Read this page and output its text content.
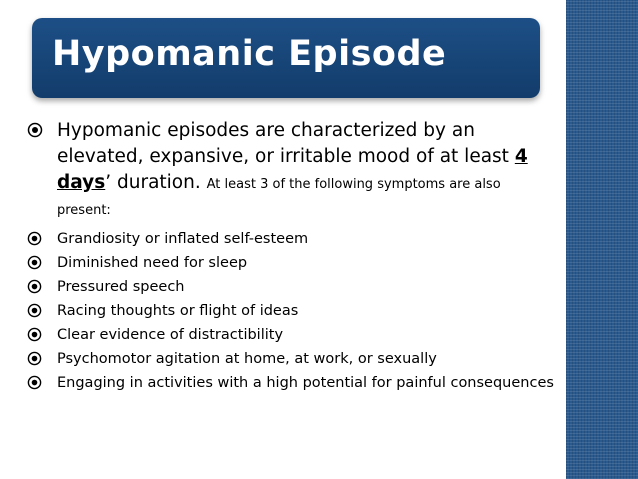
Hypomanic Episode
Hypomanic episodes are characterized by an elevated, expansive, or irritable mood of at least 4 days’ duration. At least 3 of the following symptoms are also present:
Grandiosity or inflated self-esteem
Diminished need for sleep
Pressured speech
Racing thoughts or flight of ideas
Clear evidence of distractibility
Psychomotor agitation at home, at work, or sexually
Engaging in activities with a high potential for painful consequences
